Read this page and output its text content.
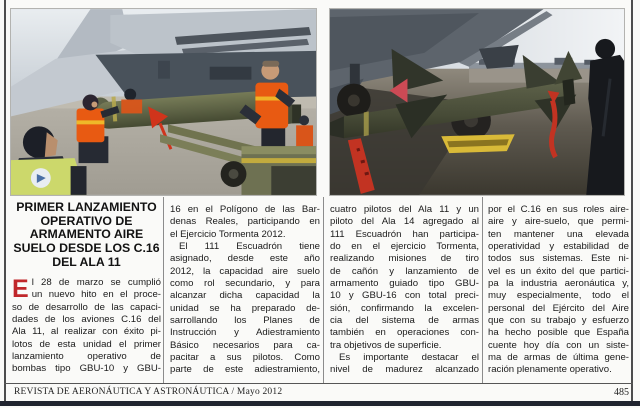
PRIMER LANZAMIENTO
OPERATIVO DE
ARMAMENTO AIRE
SUELO DESDE LOS C.16
DEL ALA 11
E l 28 de marzo se cumplió
un nuevo hito en el proce-
so de desarrollo de las capaci-
dades de los aviones C.16 del
Ala 11, al realizar con éxito pi-
lotos de esta unidad el primer
lanzamiento operativo de
bombas tipo GBU-10 y GBU-
16 en el Polígono de las Bar-
denas Reales, participando en
el Ejercicio Tormenta 2012.
El 111 Escuadrón tiene
asignado, desde este año
2012, la capacidad aire suelo
como rol secundario, y para
alcanzar dicha capacidad la
unidad se ha preparado de-
sarrollando los Planes de
Instrucción y Adiestramiento
Básico necesarios para ca-
pacitar a sus pilotos. Como
parte de este adiestramiento,
cuatro pilotos del Ala 11 y un
piloto del Ala 14 agregado al
111 Escuadrón han participa-
do en el ejercicio Tormenta,
realizando misiones de tiro
de cañón y lanzamiento de
armamento guiado tipo GBU-
10 y GBU-16 con total preci-
sión, confirmando la excelen-
cia del sistema de armas
también en operaciones con-
tra objetivos de superficie.
Es importante destacar el
nivel de madurez alcanzado
por el C.16 en sus roles aire-
aire y aire-suelo, que permi-
ten mantener una elevada
operatividad y estabilidad de
todos sus sistemas. Este ni-
vel es un éxito del que partici-
pa la industria aeronáutica y,
muy especialmente, todo el
personal del Ejército del Aire
que con su trabajo y esfuerzo
ha hecho posible que España
cuente hoy día con un siste-
ma de armas de última gene-
ración plenamente operativo.
REVISTA DE AERONÁUTICA Y ASTRONÁUTICA / Mayo 2012	485
